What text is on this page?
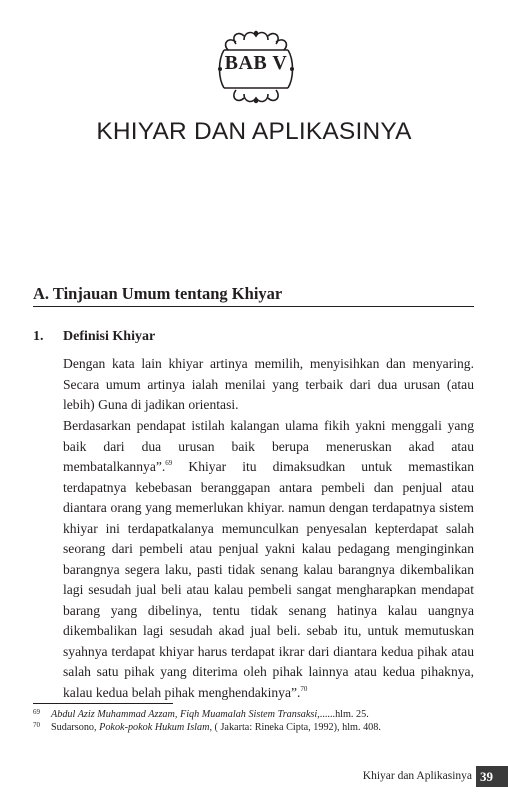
BAB V
KHIYAR DAN APLIKASINYA
A. Tinjauan Umum tentang Khiyar
1. Definisi Khiyar

Dengan kata lain khiyar artinya memilih, menyisihkan dan menyaring. Secara umum artinya ialah menilai yang terbaik dari dua urusan (atau lebih) Guna di jadikan orientasi.

Berdasarkan pendapat istilah kalangan ulama fikih yakni menggali yang baik dari dua urusan baik berupa meneruskan akad atau membatalkannya”.$^{69}$ Khiyar itu dimaksudkan untuk memastikan terdapatnya kebebasan beranggapan antara pembeli dan penjual atau diantara orang yang memerlukan khiyar. namun dengan terdapatnya sistem khiyar ini terdapatkalanya memunculkan penyesalan kepterdapat salah seorang dari pembeli atau penjual yakni kalau pedagang menginginkan barangnya segera laku, pasti tidak senang kalau barangnya dikembalikan lagi sesudah jual beli atau kalau pembeli sangat mengharapkan mendapat barang yang dibelinya, tentu tidak senang hatinya kalau uangnya dikembalikan lagi sesudah akad jual beli. sebab itu, untuk memutuskan syahnya terdapat khiyar harus terdapat ikrar dari diantara kedua pihak atau salah satu pihak yang diterima oleh pihak lainnya atau kedua pihaknya, kalau kedua belah pihak menghendakinya”.$^{70}$

69 Abdul Aziz Muhammad Azzam, Fiqh Muamalah Sistem Transaksi,......hlm. 25.
70 Sudarsono, Pokok-pokok Hukum Islam, ( Jakarta: Rineka Cipta, 1992), hlm. 408.
Khiyar dan Aplikasinya 39
